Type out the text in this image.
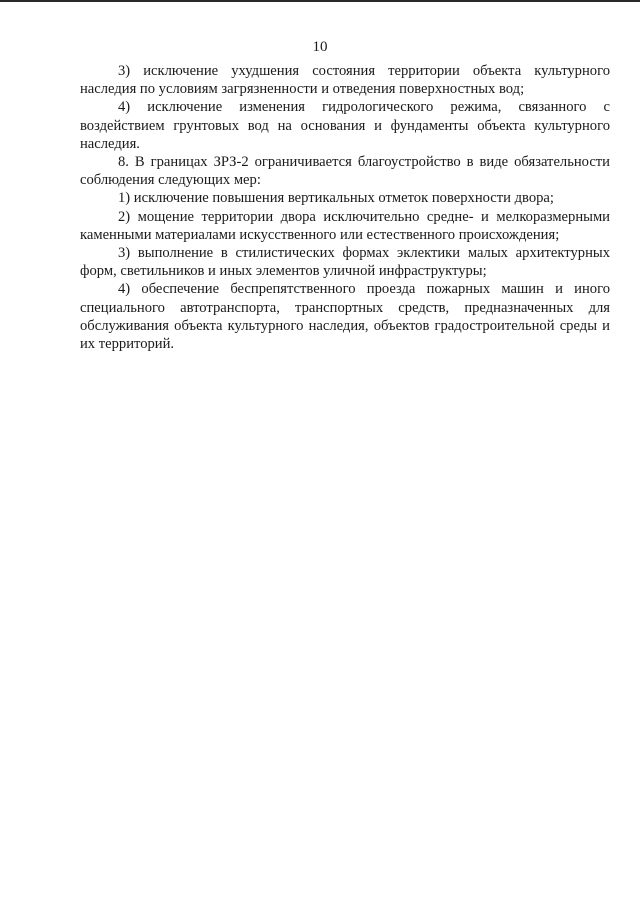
10

3) исключение ухудшения состояния территории объекта культурного наследия по условиям загрязненности и отведения поверхностных вод;

4) исключение изменения гидрологического режима, связанного с воздействием грунтовых вод на основания и фундаменты объекта культурного наследия.

8. В границах ЗРЗ-2 ограничивается благоустройство в виде обязательности соблюдения следующих мер:

1) исключение повышения вертикальных отметок поверхности двора;

2) мощение территории двора исключительно средне- и мелкоразмерными каменными материалами искусственного или естественного происхождения;

3) выполнение в стилистических формах эклектики малых архитектурных форм, светильников и иных элементов уличной инфраструктуры;

4) обеспечение беспрепятственного проезда пожарных машин и иного специального автотранспорта, транспортных средств, предназначенных для обслуживания объекта культурного наследия, объектов градостроительной среды и их территорий.
